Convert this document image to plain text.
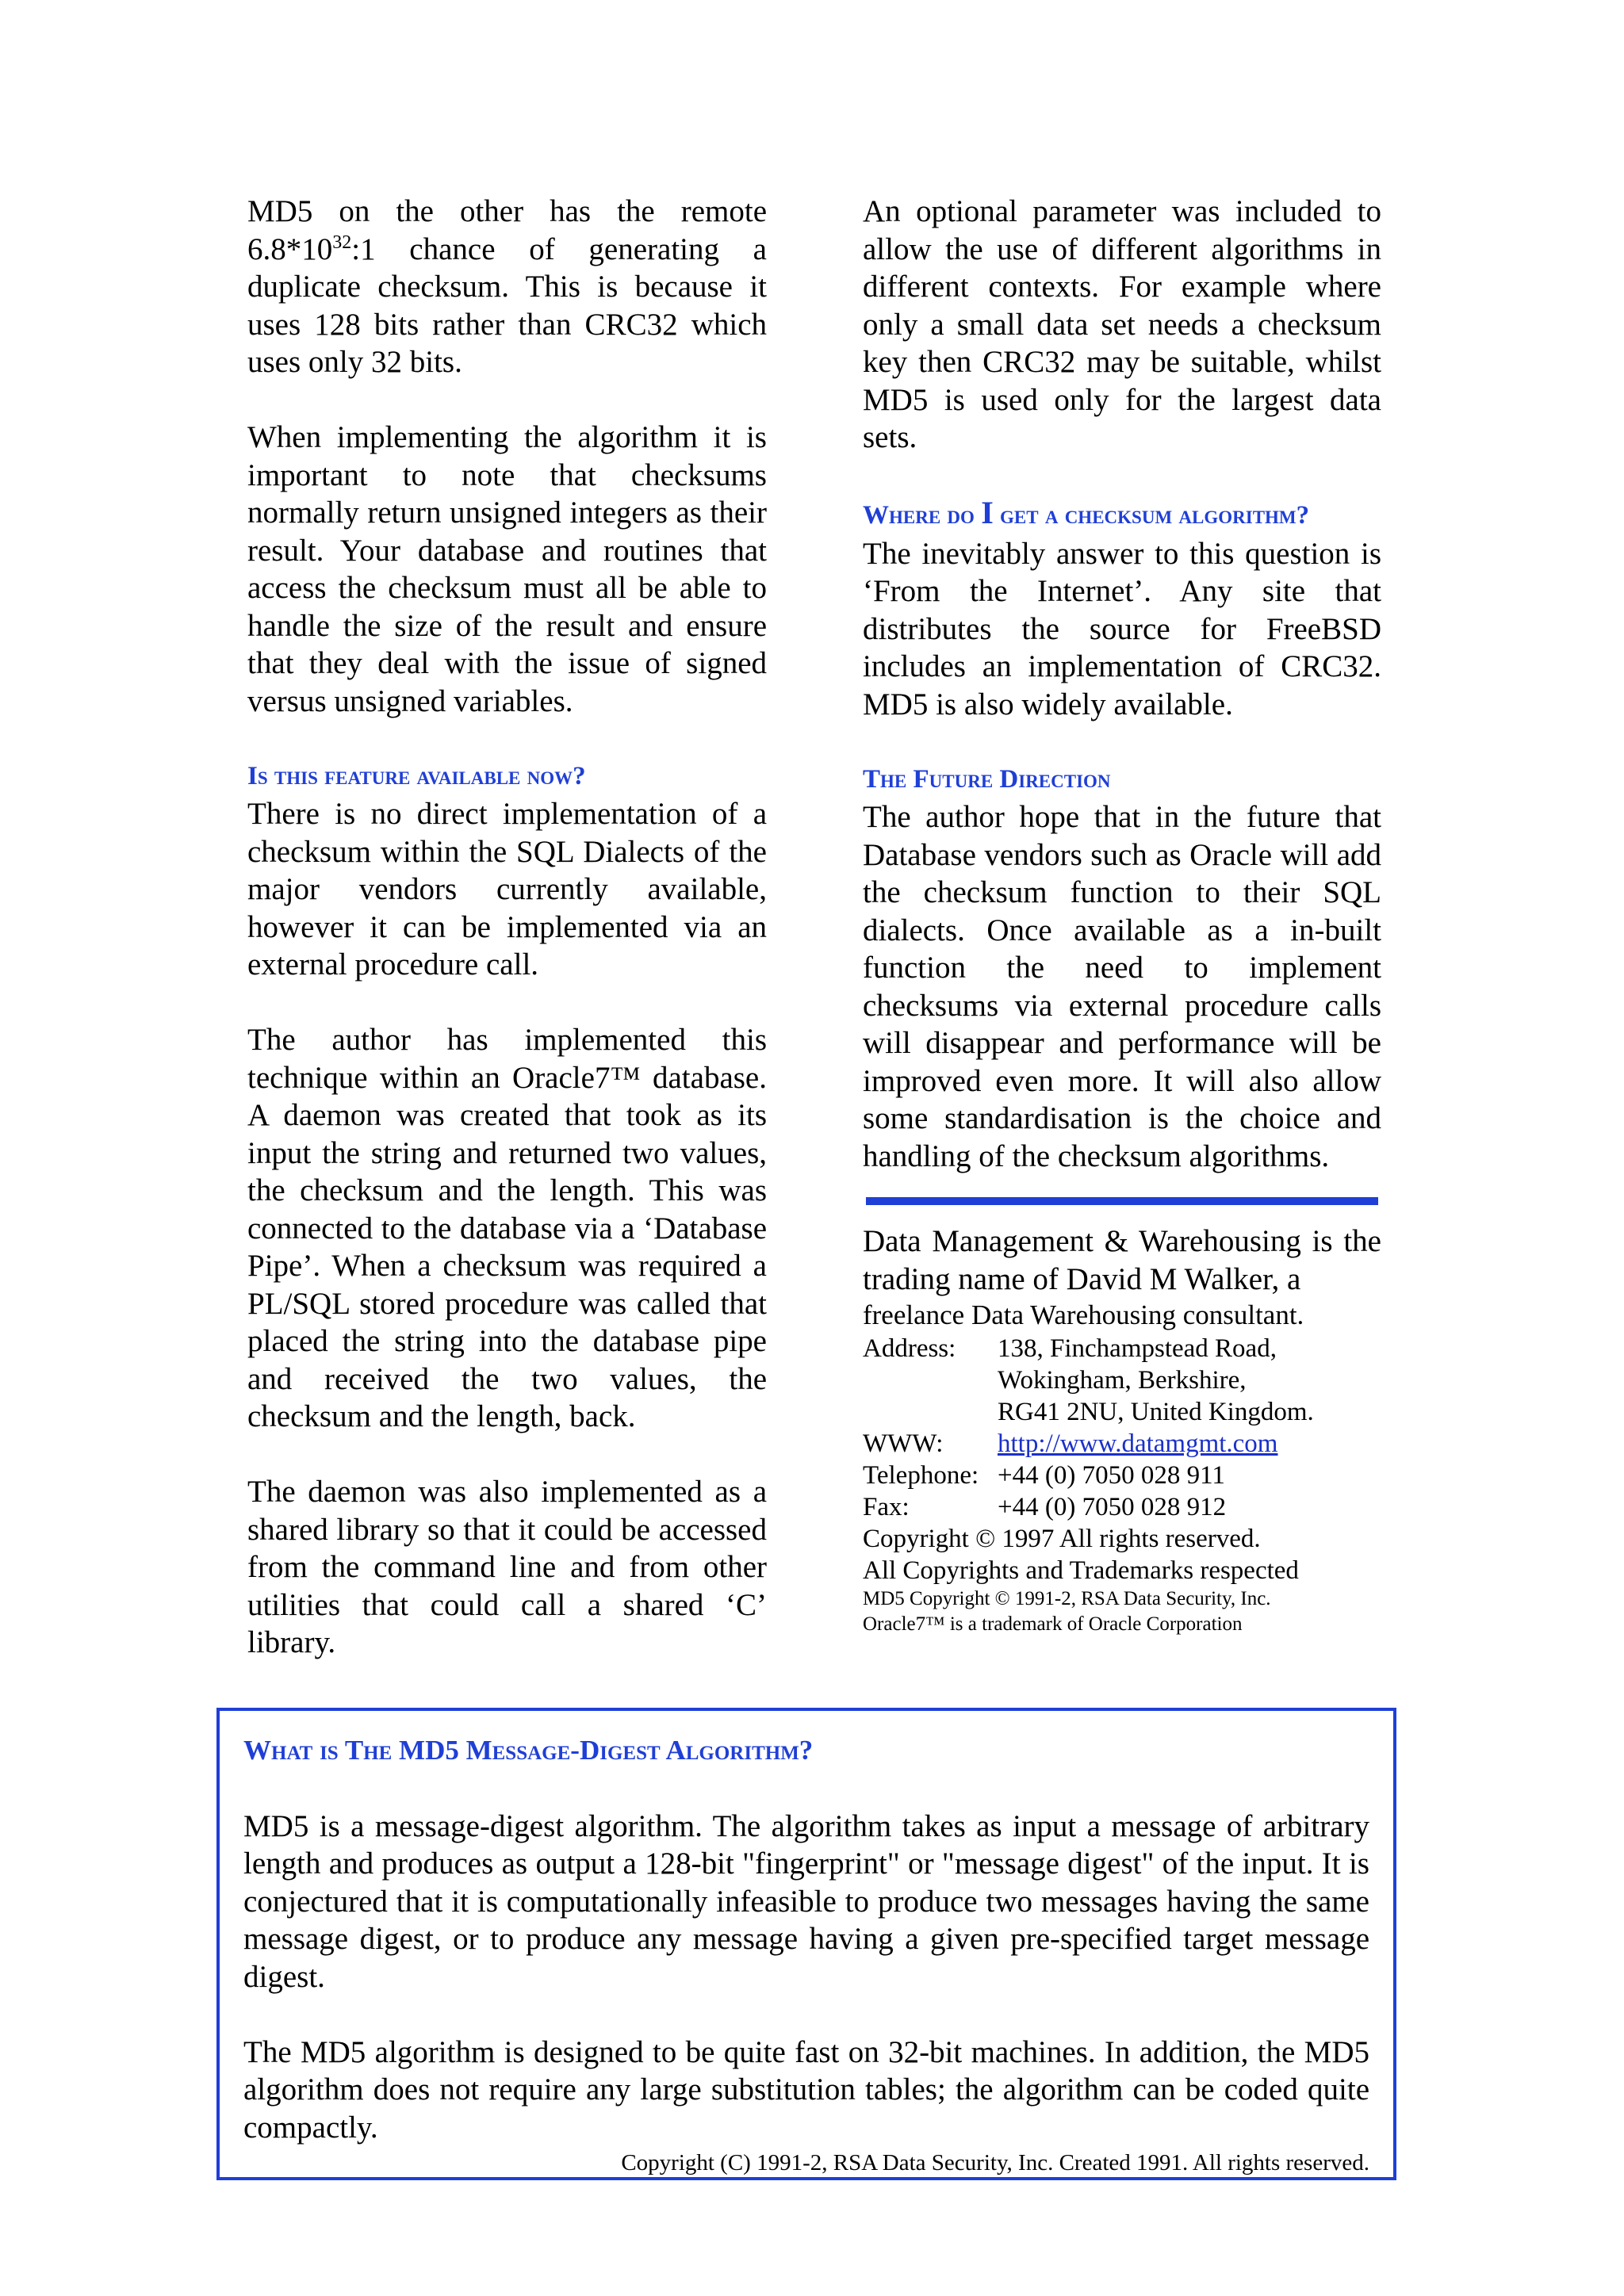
MD5 on the other has the remote $6.8*10^{32}:1$ chance of generating a duplicate checksum. This is because it uses 128 bits rather than CRC32 which uses only 32 bits.

When implementing the algorithm it is important to note that checksums normally return unsigned integers as their result. Your database and routines that access the checksum must all be able to handle the size of the result and ensure that they deal with the issue of signed versus unsigned variables.

Is this feature available now?

There is no direct implementation of a checksum within the SQL Dialects of the major vendors currently available, however it can be implemented via an external procedure call.

The author has implemented this technique within an Oracle7™ database. A daemon was created that took as its input the string and returned two values, the checksum and the length. This was connected to the database via a ‘Database Pipe’. When a checksum was required a PL/SQL stored procedure was called that placed the string into the database pipe and received the two values, the checksum and the length, back.

The daemon was also implemented as a shared library so that it could be accessed from the command line and from other utilities that could call a shared ‘C’ library.

An optional parameter was included to allow the use of different algorithms in different contexts. For example where only a small data set needs a checksum key then CRC32 may be suitable, whilst MD5 is used only for the largest data sets.

Where do I get a checksum algorithm?

The inevitably answer to this question is ‘From the Internet’. Any site that distributes the source for FreeBSD includes an implementation of CRC32. MD5 is also widely available.

The Future Direction

The author hope that in the future that Database vendors such as Oracle will add the checksum function to their SQL dialects. Once available as a in-built function the need to implement checksums via external procedure calls will disappear and performance will be improved even more. It will also allow some standardisation is the choice and handling of the checksum algorithms.

Data Management & Warehousing is the trading name of David M Walker, a

freelance Data Warehousing consultant.
Address:	138, Finchampstead Road,
	Wokingham, Berkshire,
	RG41 2NU, United Kingdom.
WWW:	http://www.datamgmt.com
Telephone:	+44 (0) 7050 028 911
Fax:	+44 (0) 7050 028 912
Copyright © 1997 All rights reserved.
All Copyrights and Trademarks respected
MD5 Copyright © 1991-2, RSA Data Security, Inc.
Oracle7™ is a trademark of Oracle Corporation
What is The MD5 Message-Digest Algorithm?

MD5 is a message-digest algorithm. The algorithm takes as input a message of arbitrary length and produces as output a 128-bit "fingerprint" or "message digest" of the input. It is conjectured that it is computationally infeasible to produce two messages having the same message digest, or to produce any message having a given pre-specified target message digest.

The MD5 algorithm is designed to be quite fast on 32-bit machines. In addition, the MD5 algorithm does not require any large substitution tables; the algorithm can be coded quite compactly.

Copyright (C) 1991-2, RSA Data Security, Inc. Created 1991. All rights reserved.
